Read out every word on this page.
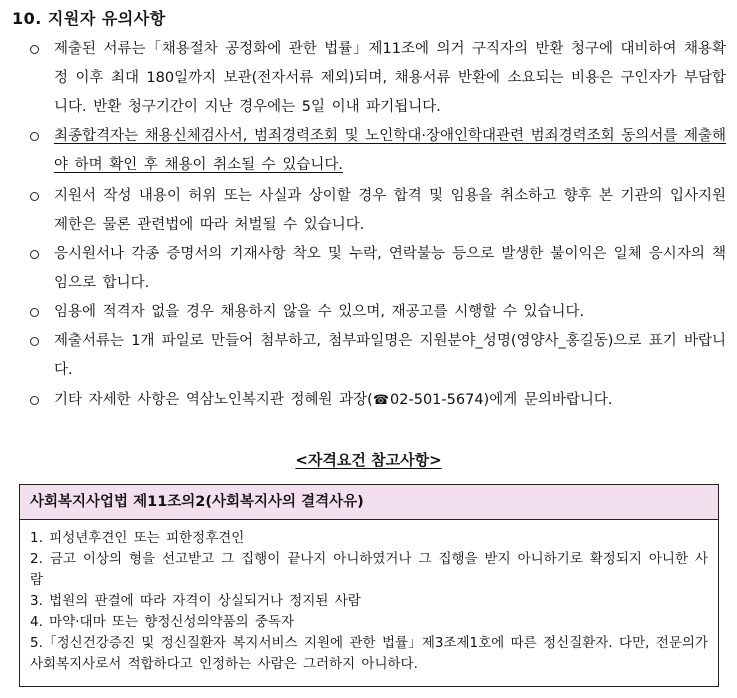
10. 지원자 유의사항
제출된 서류는「채용절차 공정화에 관한 법률」제11조에 의거 구직자의 반환 청구에 대비하여 채용확정 이후 최대 180일까지 보관(전자서류 제외)되며, 채용서류 반환에 소요되는 비용은 구인자가 부담합니다. 반환 청구기간이 지난 경우에는 5일 이내 파기됩니다.
최종합격자는 채용신체검사서, 범죄경력조회 및 노인학대·장애인학대관련 범죄경력조회 동의서를 제출해야 하며 확인 후 채용이 취소될 수 있습니다.
지원서 작성 내용이 허위 또는 사실과 상이할 경우 합격 및 임용을 취소하고 향후 본 기관의 입사지원 제한은 물론 관련법에 따라 처벌될 수 있습니다.
응시원서나 각종 증명서의 기재사항 착오 및 누락, 연락불능 등으로 발생한 불이익은 일체 응시자의 책임으로 합니다.
임용에 적격자 없을 경우 채용하지 않을 수 있으며, 재공고를 시행할 수 있습니다.
제출서류는 1개 파일로 만들어 첨부하고, 첨부파일명은 지원분야_성명(영양사_홍길동)으로 표기 바랍니다.
기타 자세한 사항은 역삼노인복지관 정혜원 과장(☎02-501-5674)에게 문의바랍니다.
<자격요건 참고사항>
사회복지사업법 제11조의2(사회복지사의 결격사유)
1. 피성년후견인 또는 피한정후견인
2. 금고 이상의 형을 선고받고 그 집행이 끝나지 아니하였거나 그 집행을 받지 아니하기로 확정되지 아니한 사람
3. 법원의 판결에 따라 자격이 상실되거나 정지된 사람
4. 마약·대마 또는 향정신성의약품의 중독자
5.「정신건강증진 및 정신질환자 복지서비스 지원에 관한 법률」제3조제1호에 따른 정신질환자. 다만, 전문의가 사회복지사로서 적합하다고 인정하는 사람은 그러하지 아니하다.
